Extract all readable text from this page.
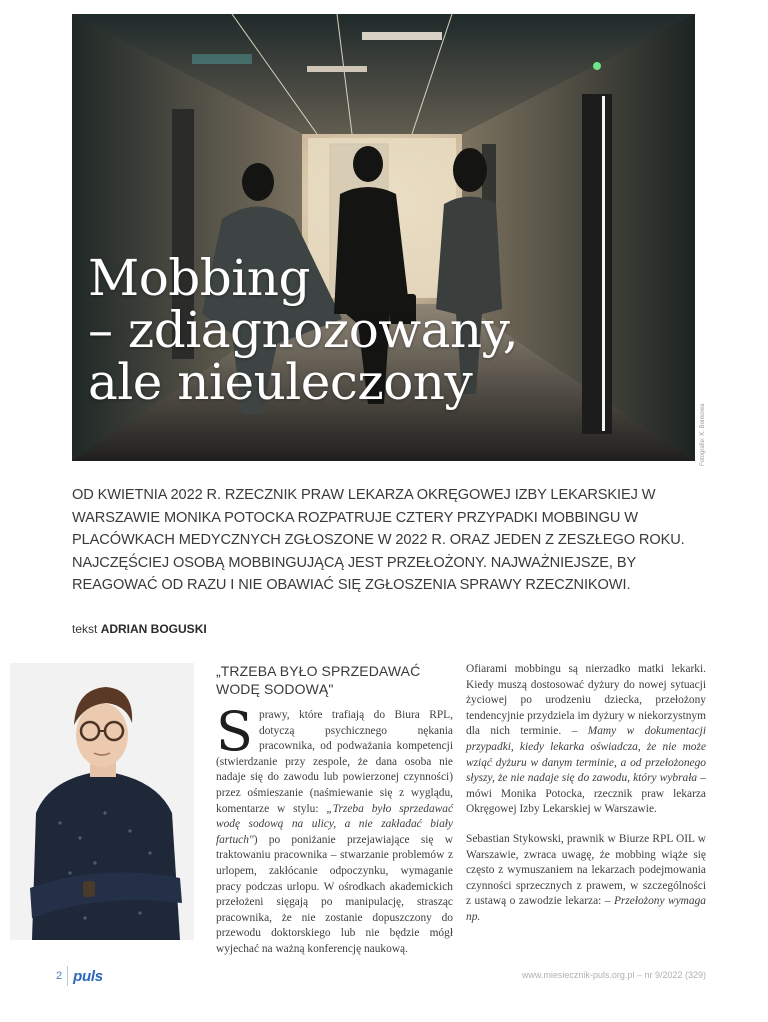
Mobbing
– zdiagnozowany,
ale nieuleczony
Fotografie: K. Bonkowa

OD KWIETNIA 2022 R. RZECZNIK PRAW LEKARZA OKRĘGOWEJ IZBY LEKARSKIEJ W WARSZAWIE MONIKA POTOCKA ROZPATRUJE CZTERY PRZYPADKI MOBBINGU W PLACÓWKACH MEDYCZNYCH ZGŁOSZONE W 2022 R. ORAZ JEDEN Z ZESZŁEGO ROKU. NAJCZĘŚCIEJ OSOBĄ MOBBINGUJĄCĄ JEST PRZEŁOŻONY. NAJWAŻNIEJSZE, BY REAGOWAĆ OD RAZU I NIE OBAWIAĆ SIĘ ZGŁOSZENIA SPRAWY RZECZNIKOWI.

tekst ADRIAN BOGUSKI
„TRZEBA BYŁO SPRZEDAWAĆ WODĘ SODOWĄ"

Sprawy, które trafiają do Biura RPL, dotyczą psychicznego nękania pracownika, od podważania kompetencji (stwierdzanie przy zespole, że dana osoba nie nadaje się do zawodu lub powierzonej czynności) przez ośmieszanie (naśmiewanie się z wyglądu, komentarze w stylu: „Trzeba było sprzedawać wodę sodową na ulicy, a nie zakładać biały fartuch") po poniżanie przejawiające się w traktowaniu pracownika – stwarzanie problemów z urlopem, zakłócanie odpoczynku, wymaganie pracy podczas urlopu. W ośrodkach akademickich przełożeni sięgają po manipulację, strasząc pracownika, że nie zostanie dopuszczony do przewodu doktorskiego lub nie będzie mógł wyjechać na ważną konferencję naukową.

Ofiarami mobbingu są nierzadko matki lekarki. Kiedy muszą dostosować dyżury do nowej sytuacji życiowej po urodzeniu dziecka, przełożony tendencyjnie przydziela im dyżury w niekorzystnym dla nich terminie. – Mamy w dokumentacji przypadki, kiedy lekarka oświadcza, że nie może wziąć dyżuru w danym terminie, a od przełożonego słyszy, że nie nadaje się do zawodu, który wybrała – mówi Monika Potocka, rzecznik praw lekarza Okręgowej Izby Lekarskiej w Warszawie.

Sebastian Stykowski, prawnik w Biurze RPL OIL w Warszawie, zwraca uwagę, że mobbing wiąże się często z wymuszaniem na lekarzach podejmowania czynności sprzecznych z prawem, w szczególności z ustawą o zawodzie lekarza: – Przełożony wymaga np.

2 puls	www.miesiecznik-puls.org.pl – nr 9/2022 (329)
